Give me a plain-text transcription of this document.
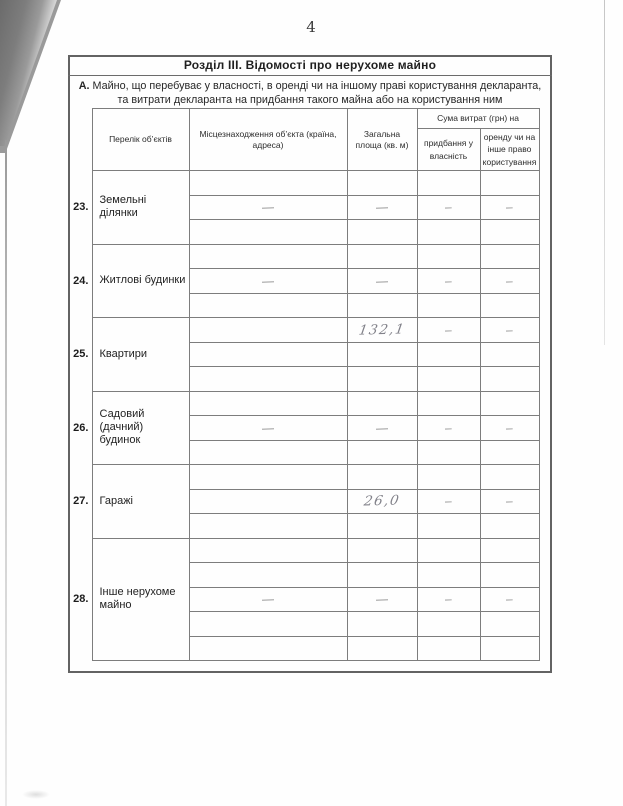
4
Розділ III. Відомості про нерухоме майно
А. Майно, що перебуває у власності, в оренді чи на іншому праві користування декларанта,
та витрати декларанта на придбання такого майна або на користування ним
	Перелік об’єктів	Місцезнаходження об’єкта (країна, адреса)	Загальна площа (кв. м)	Сума витрат (грн) на	
				придбання у власність	оренду чи на інше право користування
23.	Земельні ділянки				
		—	—	–	–

24.	Житлові будинки				
		—	—	–	–

25.	Квартири		132,1	–	–

26.	Садовий (дачний) будинок				
		—	—	–	–

27.	Гаражі				
			26,0	–	–

28.	Інше нерухоме майно				

		—	—	–	–
